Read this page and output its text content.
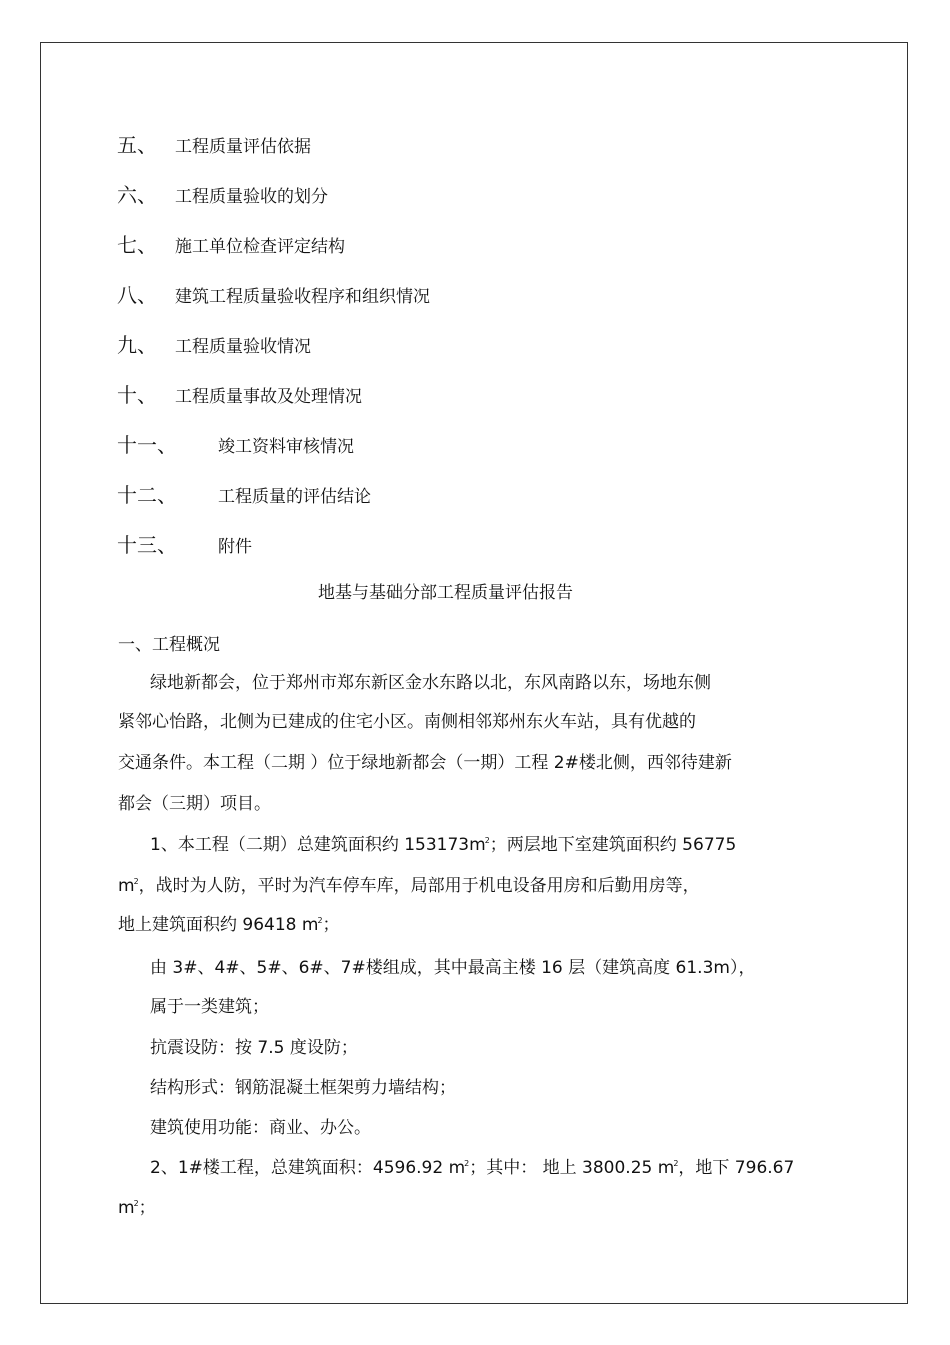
五、 工程质量评估依据
六、 工程质量验收的划分
七、 施工单位检查评定结构
八、 建筑工程质量验收程序和组织情况
九、 工程质量验收情况
十、 工程质量事故及处理情况
十一、 竣工资料审核情况
十二、 工程质量的评估结论
十三、 附件
地基与基础分部工程质量评估报告
一、工程概况
绿地新都会，位于郑州市郑东新区金水东路以北，东风南路以东，场地东侧
紧邻心怡路，北侧为已建成的住宅小区。南侧相邻郑州东火车站，具有优越的
交通条件。本工程（二期 ）位于绿地新都会（一期）工程 2#楼北侧，西邻待建新
都会（三期）项目。
1、本工程（二期）总建筑面积约 $153173m^2$；两层地下室建筑面积约 56775
$m^2$，战时为人防，平时为汽车停车库，局部用于机电设备用房和后勤用房等，
地上建筑面积约 96418 $m^2$；
由 3#、4#、5#、6#、7#楼组成，其中最高主楼 16 层（建筑高度 61.3m），
属于一类建筑；
抗震设防：按 7.5 度设防；
结构形式：钢筋混凝土框架剪力墙结构；
建筑使用功能：商业、办公。
2、1#楼工程，总建筑面积：4596.92 $m^2$；其中： 地上 3800.25 $m^2$，地下 796.67
$m^2$；
